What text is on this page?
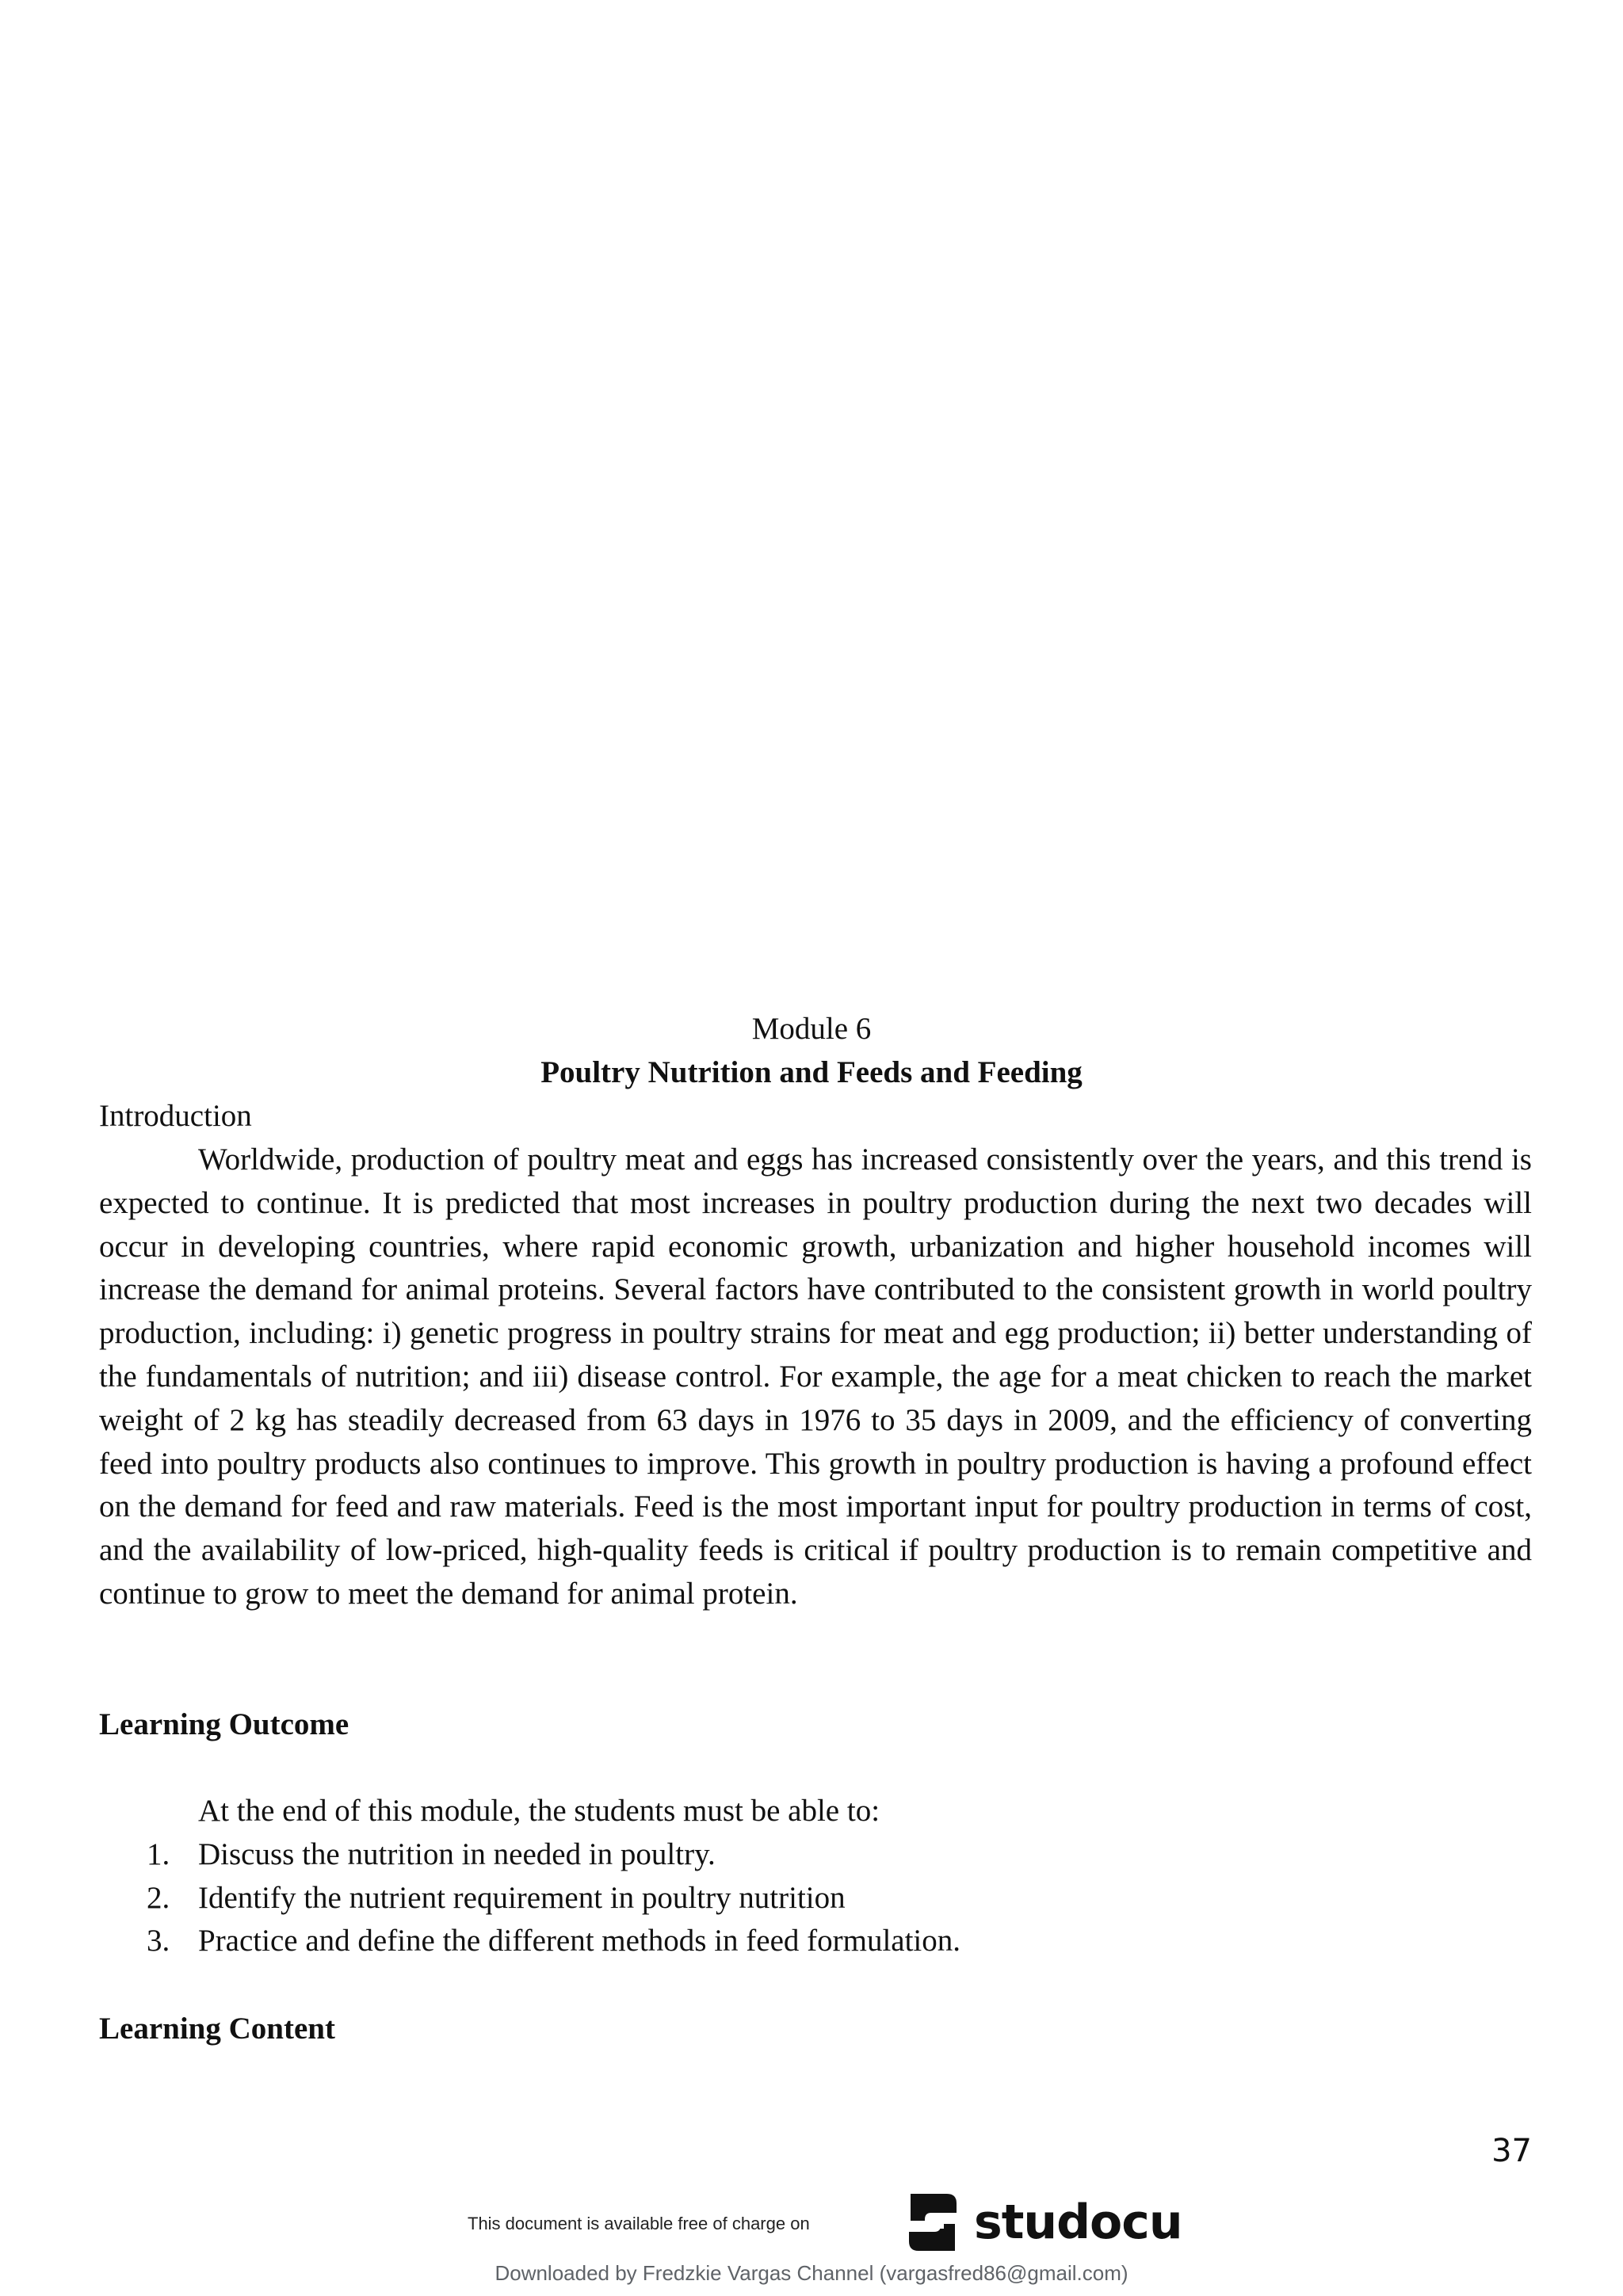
Module 6
Poultry Nutrition and Feeds and Feeding
Introduction

Worldwide, production of poultry meat and eggs has increased consistently over the years, and this trend is expected to continue. It is predicted that most increases in poultry production during the next two decades will occur in developing countries, where rapid economic growth, urbanization and higher household incomes will increase the demand for animal proteins. Several factors have contributed to the consistent growth in world poultry production, including: i) genetic progress in poultry strains for meat and egg production; ii) better understanding of the fundamentals of nutrition; and iii) disease control. For example, the age for a meat chicken to reach the market weight of 2 kg has steadily decreased from 63 days in 1976 to 35 days in 2009, and the efficiency of converting feed into poultry products also continues to improve. This growth in poultry production is having a profound effect on the demand for feed and raw materials. Feed is the most important input for poultry production in terms of cost, and the availability of low-priced, high-quality feeds is critical if poultry production is to remain competitive and continue to grow to meet the demand for animal protein.

Learning Outcome
At the end of this module, the students must be able to:
1. Discuss the nutrition in needed in poultry.
2. Identify the nutrient requirement in poultry nutrition
3. Practice and define the different methods in feed formulation.
Learning Content
37
This document is available free of charge on	studocu
Downloaded by Fredzkie Vargas Channel (vargasfred86@gmail.com)
